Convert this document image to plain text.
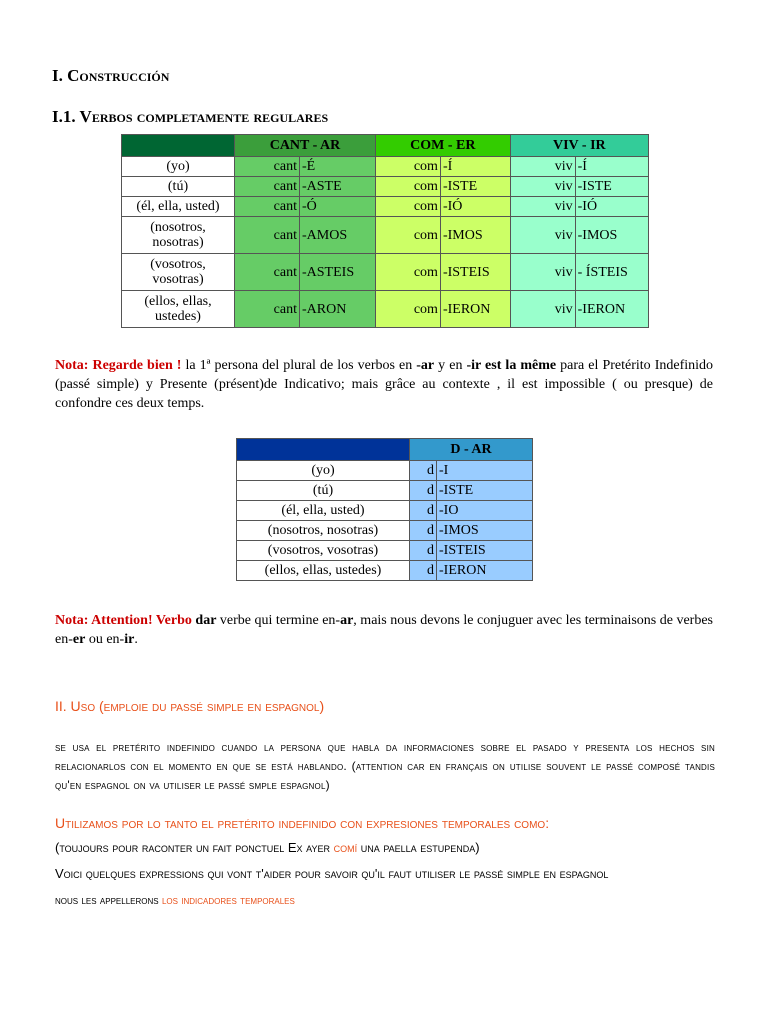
I. Construcción
I.1. Verbos completamente regulares
	CANT - AR		COM - ER		VIV - IR	
(yo)	cant	-É	com	-Í	viv	-Í
(tú)	cant	-ASTE	com	-ISTE	viv	-ISTE
(él, ella, usted)	cant	-Ó	com	-IÓ	viv	-IÓ
(nosotros, nosotras)	cant	-AMOS	com	-IMOS	viv	-IMOS
(vosotros, vosotras)	cant	-ASTEIS	com	-ISTEIS	viv	- ÍSTEIS
(ellos, ellas, ustedes)	cant	-ARON	com	-IERON	viv	-IERON

Nota: Regarde bien ! la 1ª persona del plural de los verbos en -ar y en -ir est la même para el Pretérito Indefinido (passé simple) y Presente (présent)de Indicativo; mais grâce au contexte , il est impossible ( ou presque) de confondre ces deux temps.

	D - AR	
(yo)	d	-I
(tú)	d	-ISTE
(él, ella, usted)	d	-IO
(nosotros, nosotras)	d	-IMOS
(vosotros, vosotras)	d	-ISTEIS
(ellos, ellas, ustedes)	d	-IERON

Nota: Attention! Verbo dar verbe qui termine en-ar, mais nous devons le conjuguer avec les terminaisons de verbes en-er ou en-ir.

II. Uso (emploie du passé simple en espagnol)

se usa el pretérito indefinido cuando la persona que habla da informaciones sobre el pasado y presenta los hechos sin relacionarlos con el momento en que se está hablando. (attention car en français on utilise souvent le passé composé tandis qu'en espagnol on va utiliser le passé smple espagnol)

Utilizamos por lo tanto el pretérito indefinido con expresiones temporales como:

(toujours pour raconter un fait ponctuel Ex ayer comí una paella estupenda)

Voici quelques expressions qui vont t'aider pour savoir qu'il faut utiliser le passé simple en espagnol

nous les appellerons los indicadores temporales
